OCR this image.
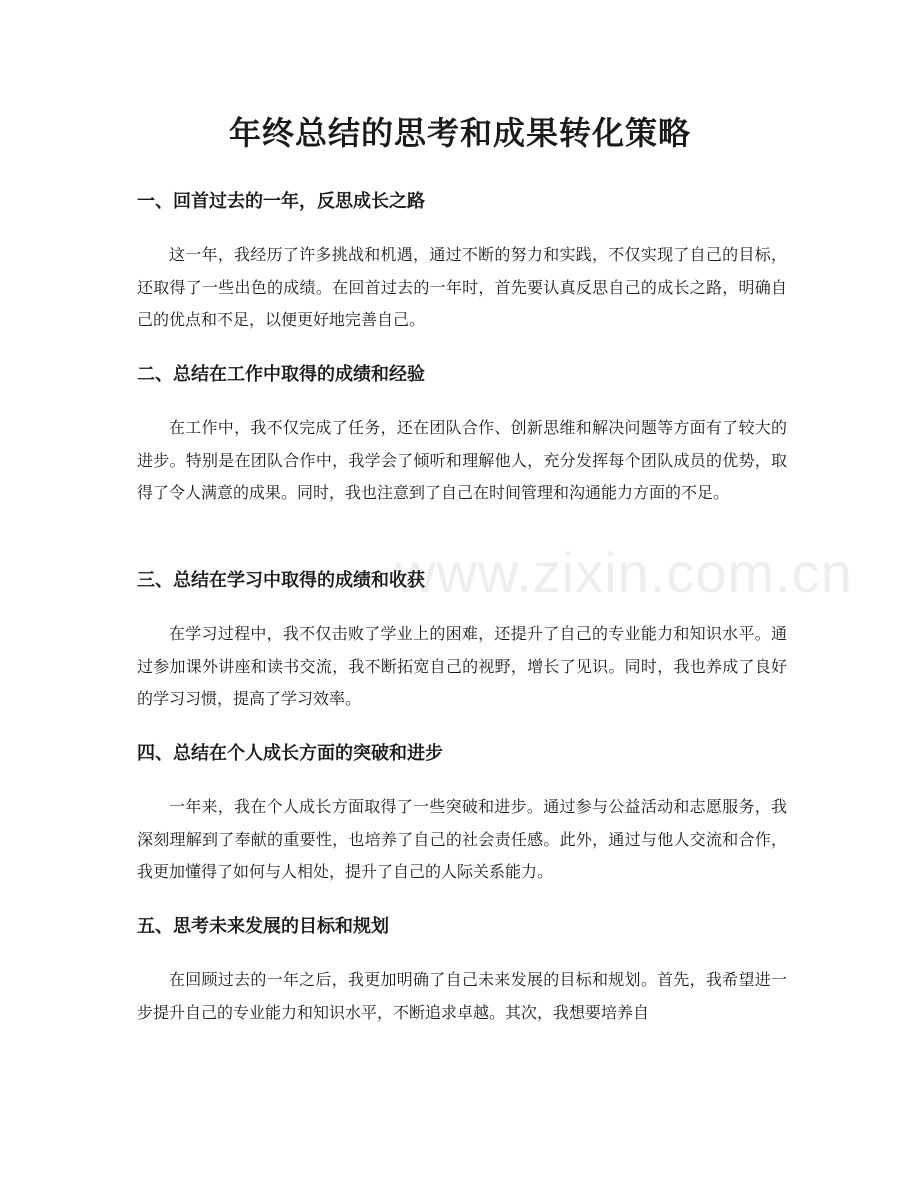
年终总结的思考和成果转化策略
www.zixin.com.cn
一、回首过去的一年，反思成长之路

这一年，我经历了许多挑战和机遇，通过不断的努力和实践，不仅实现了自己的目标，还取得了一些出色的成绩。在回首过去的一年时，首先要认真反思自己的成长之路，明确自己的优点和不足，以便更好地完善自己。

二、总结在工作中取得的成绩和经验

在工作中，我不仅完成了任务，还在团队合作、创新思维和解决问题等方面有了较大的进步。特别是在团队合作中，我学会了倾听和理解他人，充分发挥每个团队成员的优势，取得了令人满意的成果。同时，我也注意到了自己在时间管理和沟通能力方面的不足。

三、总结在学习中取得的成绩和收获

在学习过程中，我不仅击败了学业上的困难，还提升了自己的专业能力和知识水平。通过参加课外讲座和读书交流，我不断拓宽自己的视野，增长了见识。同时，我也养成了良好的学习习惯，提高了学习效率。

四、总结在个人成长方面的突破和进步

一年来，我在个人成长方面取得了一些突破和进步。通过参与公益活动和志愿服务，我深刻理解到了奉献的重要性，也培养了自己的社会责任感。此外，通过与他人交流和合作，我更加懂得了如何与人相处，提升了自己的人际关系能力。

五、思考未来发展的目标和规划

在回顾过去的一年之后，我更加明确了自己未来发展的目标和规划。首先，我希望进一步提升自己的专业能力和知识水平，不断追求卓越。其次，我想要培养自
